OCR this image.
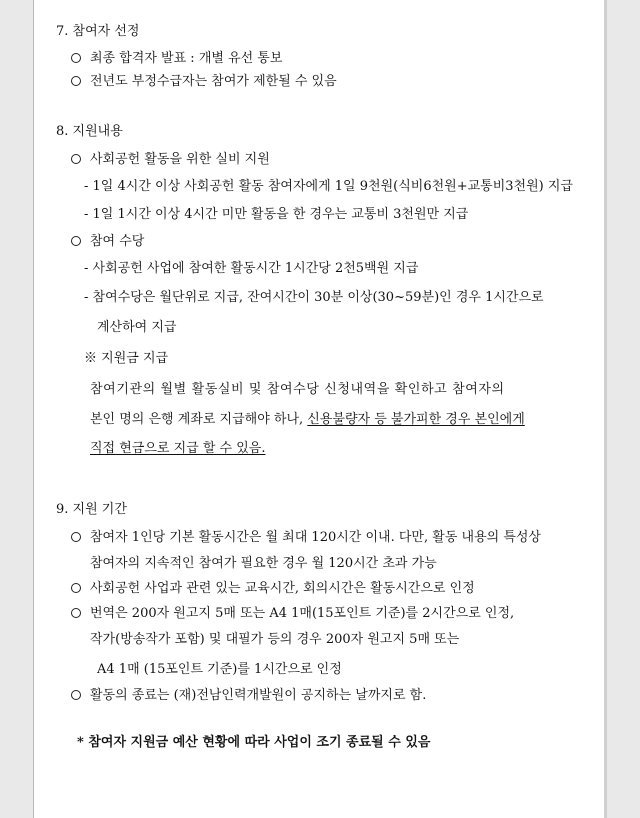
7. 참여자 선정
최종 합격자 발표 : 개별 유선 통보
전년도 부정수급자는 참여가 제한될 수 있음
8. 지원내용
사회공헌 활동을 위한 실비 지원
- 1일 4시간 이상 사회공헌 활동 참여자에게 1일 9천원(식비6천원+교통비3천원) 지급
- 1일 1시간 이상 4시간 미만 활동을 한 경우는 교통비 3천원만 지급
참여 수당
- 사회공헌 사업에 참여한 활동시간 1시간당 2천5백원 지급
- 참여수당은 월단위로 지급, 잔여시간이 30분 이상(30~59분)인 경우 1시간으로
계산하여 지급
※ 지원금 지급
참여기관의 월별 활동실비 및 참여수당 신청내역을 확인하고 참여자의
본인 명의 은행 계좌로 지급해야 하나, 신용불량자 등 불가피한 경우 본인에게
직접 현금으로 지급 할 수 있음.
9. 지원 기간
참여자 1인당 기본 활동시간은 월 최대 120시간 이내. 다만, 활동 내용의 특성상
참여자의 지속적인 참여가 필요한 경우 월 120시간 초과 가능
사회공헌 사업과 관련 있는 교육시간, 회의시간은 활동시간으로 인정
번역은 200자 원고지 5매 또는 A4 1매(15포인트 기준)를 2시간으로 인정,
작가(방송작가 포함) 및 대필가 등의 경우 200자 원고지 5매 또는
A4 1매 (15포인트 기준)를 1시간으로 인정
활동의 종료는 (재)전남인력개발원이 공지하는 날까지로 함.
* 참여자 지원금 예산 현황에 따라 사업이 조기 종료될 수 있음
